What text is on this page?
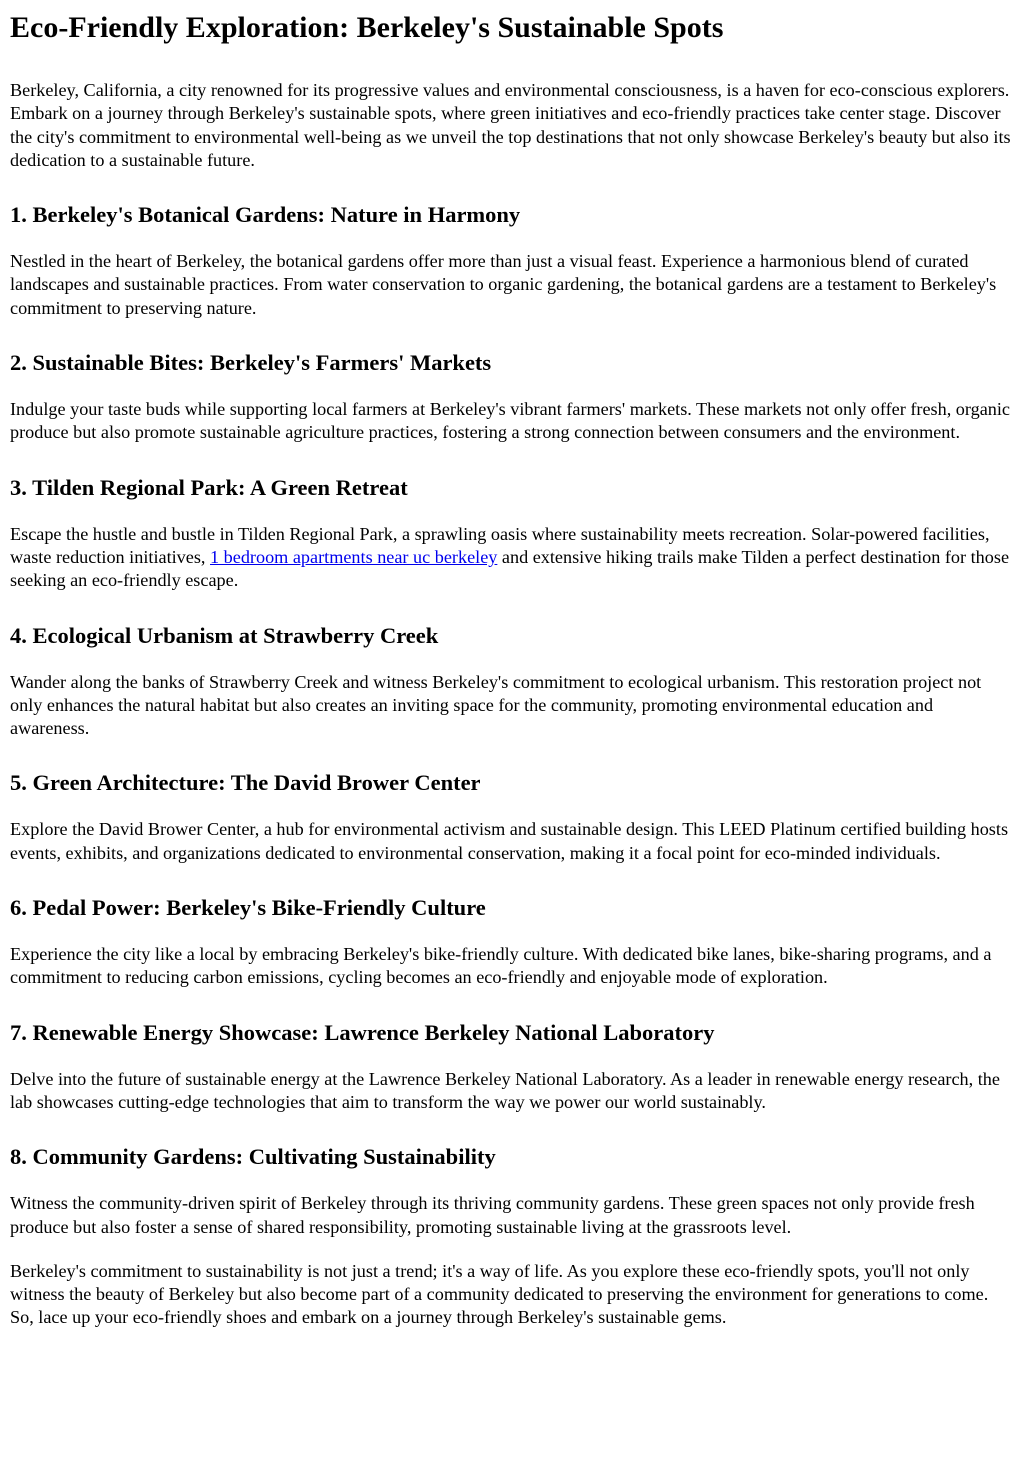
Eco-Friendly Exploration: Berkeley's Sustainable Spots

Berkeley, California, a city renowned for its progressive values and environmental consciousness, is a haven for eco-conscious explorers. Embark on a journey through Berkeley's sustainable spots, where green initiatives and eco-friendly practices take center stage. Discover the city's commitment to environmental well-being as we unveil the top destinations that not only showcase Berkeley's beauty but also its dedication to a sustainable future.

1. Berkeley's Botanical Gardens: Nature in Harmony

Nestled in the heart of Berkeley, the botanical gardens offer more than just a visual feast. Experience a harmonious blend of curated landscapes and sustainable practices. From water conservation to organic gardening, the botanical gardens are a testament to Berkeley's commitment to preserving nature.

2. Sustainable Bites: Berkeley's Farmers' Markets

Indulge your taste buds while supporting local farmers at Berkeley's vibrant farmers' markets. These markets not only offer fresh, organic produce but also promote sustainable agriculture practices, fostering a strong connection between consumers and the environment.

3. Tilden Regional Park: A Green Retreat

Escape the hustle and bustle in Tilden Regional Park, a sprawling oasis where sustainability meets recreation. Solar-powered facilities, waste reduction initiatives, 1 bedroom apartments near uc berkeley and extensive hiking trails make Tilden a perfect destination for those seeking an eco-friendly escape.

4. Ecological Urbanism at Strawberry Creek

Wander along the banks of Strawberry Creek and witness Berkeley's commitment to ecological urbanism. This restoration project not only enhances the natural habitat but also creates an inviting space for the community, promoting environmental education and awareness.

5. Green Architecture: The David Brower Center

Explore the David Brower Center, a hub for environmental activism and sustainable design. This LEED Platinum certified building hosts events, exhibits, and organizations dedicated to environmental conservation, making it a focal point for eco-minded individuals.

6. Pedal Power: Berkeley's Bike-Friendly Culture

Experience the city like a local by embracing Berkeley's bike-friendly culture. With dedicated bike lanes, bike-sharing programs, and a commitment to reducing carbon emissions, cycling becomes an eco-friendly and enjoyable mode of exploration.

7. Renewable Energy Showcase: Lawrence Berkeley National Laboratory

Delve into the future of sustainable energy at the Lawrence Berkeley National Laboratory. As a leader in renewable energy research, the lab showcases cutting-edge technologies that aim to transform the way we power our world sustainably.

8. Community Gardens: Cultivating Sustainability

Witness the community-driven spirit of Berkeley through its thriving community gardens. These green spaces not only provide fresh produce but also foster a sense of shared responsibility, promoting sustainable living at the grassroots level.

Berkeley's commitment to sustainability is not just a trend; it's a way of life. As you explore these eco-friendly spots, you'll not only witness the beauty of Berkeley but also become part of a community dedicated to preserving the environment for generations to come. So, lace up your eco-friendly shoes and embark on a journey through Berkeley's sustainable gems.
